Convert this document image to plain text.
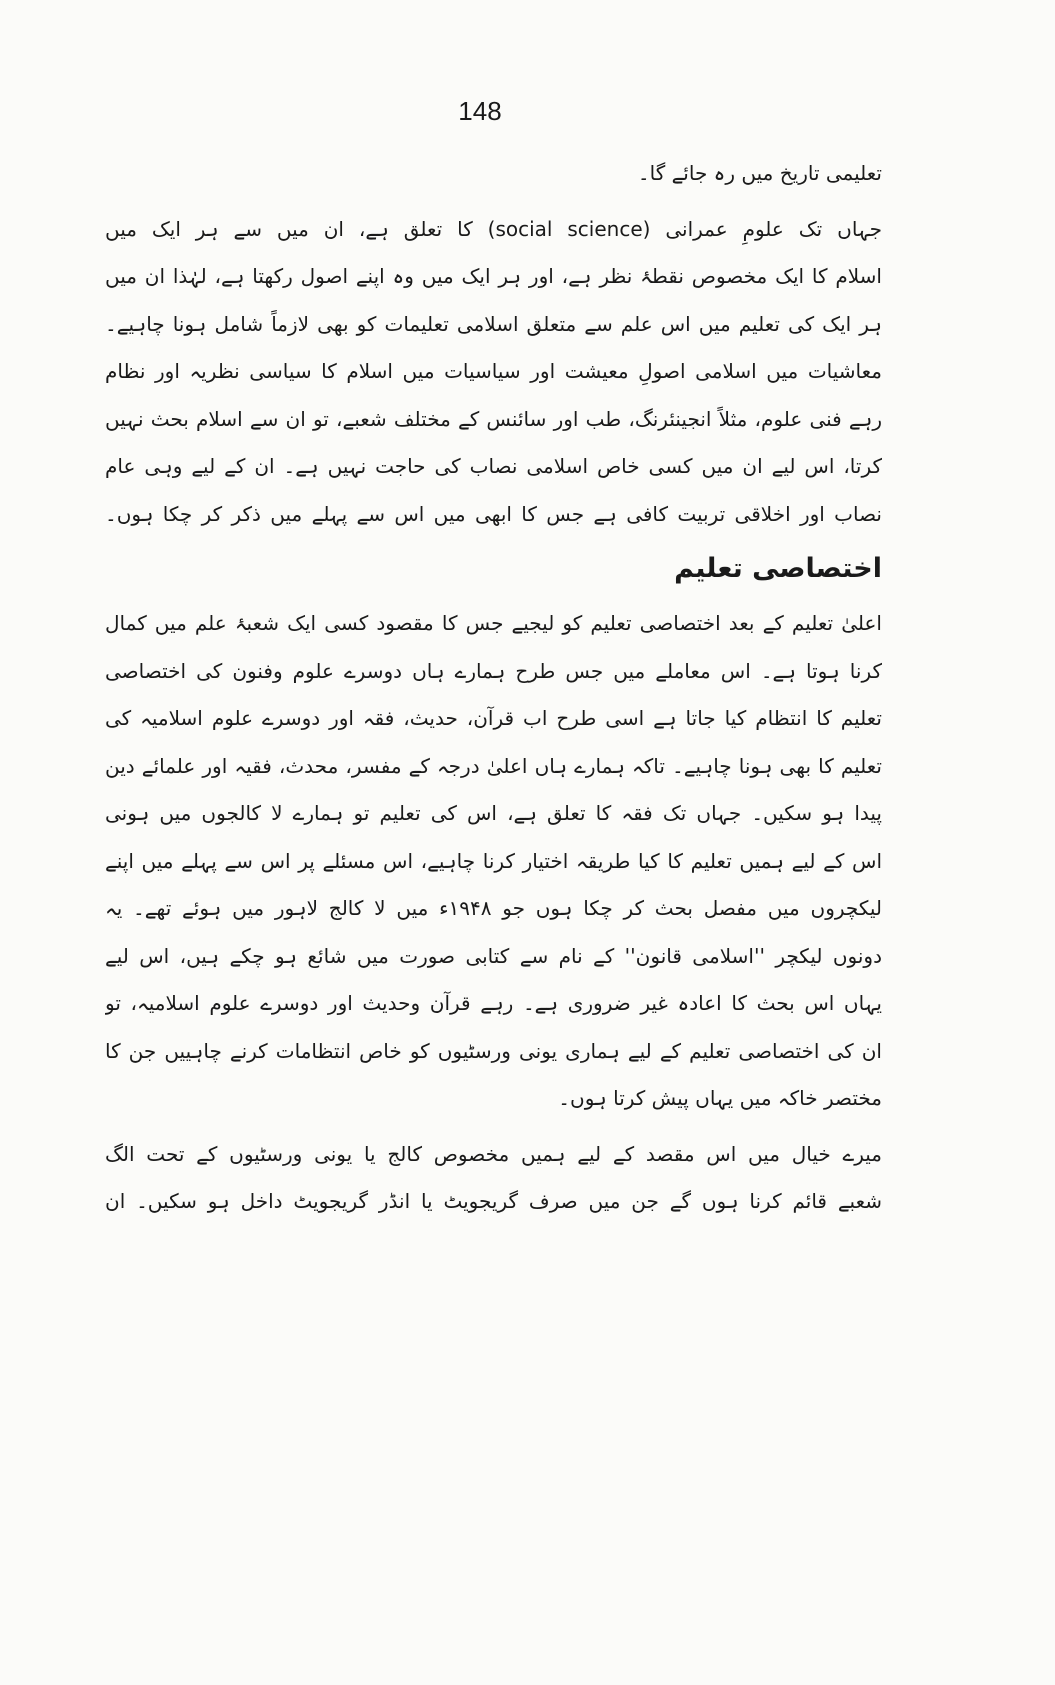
148
تعلیمی تاریخ میں رہ جائے گا۔
جہاں تک علومِ عمرانی (social science) کا تعلق ہے، ان میں سے ہر ایک میں
اسلام کا ایک مخصوص نقطۂ نظر ہے، اور ہر ایک میں وہ اپنے اصول رکھتا ہے، لہٰذا ان میں
ہر ایک کی تعلیم میں اس علم سے متعلق اسلامی تعلیمات کو بھی لازماً شامل ہونا چاہیے۔
معاشیات میں اسلامی اصولِ معیشت اور سیاسیات میں اسلام کا سیاسی نظریہ اور نظام
رہے فنی علوم، مثلاً انجینئرنگ، طب اور سائنس کے مختلف شعبے، تو ان سے اسلام بحث نہیں
کرتا، اس لیے ان میں کسی خاص اسلامی نصاب کی حاجت نہیں ہے۔ ان کے لیے وہی عام
نصاب اور اخلاقی تربیت کافی ہے جس کا ابھی میں اس سے پہلے میں ذکر کر چکا ہوں۔
اختصاصی تعلیم
اعلیٰ تعلیم کے بعد اختصاصی تعلیم کو لیجیے جس کا مقصود کسی ایک شعبۂ علم میں کمال
کرنا ہوتا ہے۔ اس معاملے میں جس طرح ہمارے ہاں دوسرے علوم وفنون کی اختصاصی
تعلیم کا انتظام کیا جاتا ہے اسی طرح اب قرآن، حدیث، فقہ اور دوسرے علوم اسلامیہ کی
تعلیم کا بھی ہونا چاہیے۔ تاکہ ہمارے ہاں اعلیٰ درجہ کے مفسر، محدث، فقیہ اور علمائے دین
پیدا ہو سکیں۔ جہاں تک فقہ کا تعلق ہے، اس کی تعلیم تو ہمارے لا کالجوں میں ہونی
اس کے لیے ہمیں تعلیم کا کیا طریقہ اختیار کرنا چاہیے، اس مسئلے پر اس سے پہلے میں اپنے
لیکچروں میں مفصل بحث کر چکا ہوں جو ۱۹۴۸ء میں لا کالج لاہور میں ہوئے تھے۔ یہ
دونوں لیکچر ''اسلامی قانون'' کے نام سے کتابی صورت میں شائع ہو چکے ہیں، اس لیے
یہاں اس بحث کا اعادہ غیر ضروری ہے۔ رہے قرآن وحدیث اور دوسرے علوم اسلامیہ، تو
ان کی اختصاصی تعلیم کے لیے ہماری یونی ورسٹیوں کو خاص انتظامات کرنے چاہییں جن کا
مختصر خاکہ میں یہاں پیش کرتا ہوں۔
میرے خیال میں اس مقصد کے لیے ہمیں مخصوص کالج یا یونی ورسٹیوں کے تحت الگ
شعبے قائم کرنا ہوں گے جن میں صرف گریجویٹ یا انڈر گریجویٹ داخل ہو سکیں۔ ان
